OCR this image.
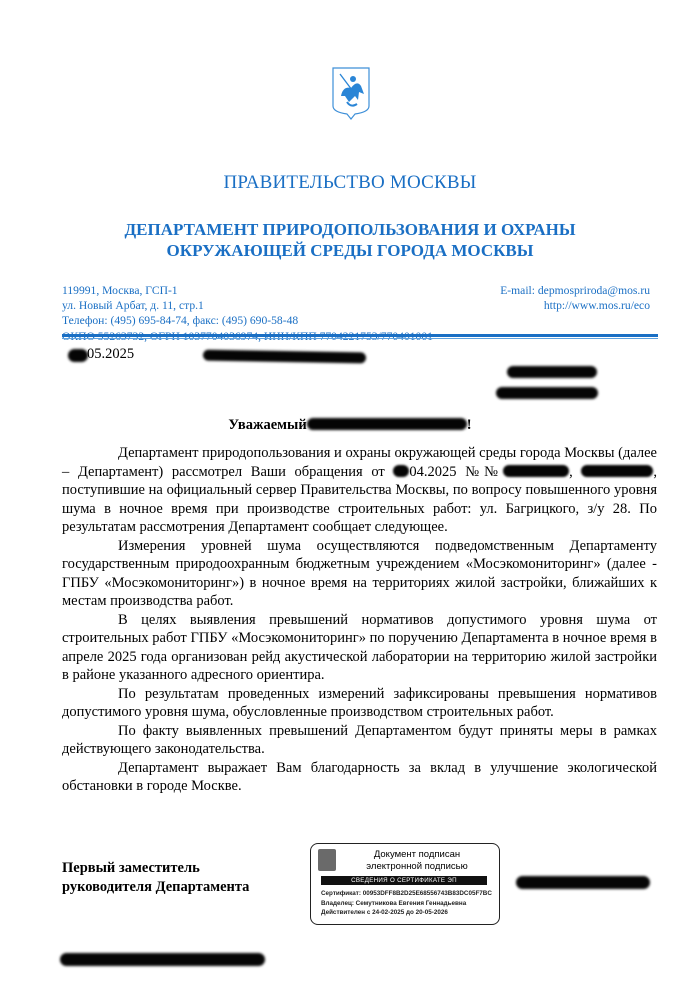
ПРАВИТЕЛЬСТВО МОСКВЫ
ДЕПАРТАМЕНТ ПРИРОДОПОЛЬЗОВАНИЯ И ОХРАНЫ
ОКРУЖАЮЩЕЙ СРЕДЫ ГОРОДА МОСКВЫ
119991, Москва, ГСП-1
ул. Новый Арбат, д. 11, стр.1
Телефон: (495) 695-84-74, факс: (495) 690-58-48
E-mail: depmospriroda@mos.ru
http://www.mos.ru/eco
05.2025
Уважаемый	!

Департамент природопользования и охраны окружающей среды города Москвы (далее – Департамент) рассмотрел Ваши обращения от 04.2025 №№	,	, поступившие на официальный сервер Правительства Москвы, по вопросу повышенного уровня шума в ночное время при производстве строительных работ: ул. Багрицкого, з/у 28. По результатам рассмотрения Департамент сообщает следующее.

Измерения уровней шума осуществляются подведомственным Департаменту государственным природоохранным бюджетным учреждением «Мосэкомониторинг» (далее - ГПБУ «Мосэкомониторинг») в ночное время на территориях жилой застройки, ближайших к местам производства работ.

В целях выявления превышений нормативов допустимого уровня шума от строительных работ ГПБУ «Мосэкомониторинг» по поручению Департамента в ночное время в апреле 2025 года организован рейд акустической лаборатории на территорию жилой застройки в районе указанного адресного ориентира.

По результатам проведенных измерений зафиксированы превышения нормативов допустимого уровня шума, обусловленные производством строительных работ.

По факту выявленных превышений Департаментом будут приняты меры в рамках действующего законодательства.

Департамент выражает Вам благодарность за вклад в улучшение экологической обстановки в городе Москве.

Первый заместитель
руководителя Департамента
Документ подписан
электронной подписью
СВЕДЕНИЯ О СЕРТИФИКАТЕ ЭП
Сертификат: 00953DFF8B2D25E68556743B83DC05F7BC
Владелец: Семутникова Евгения Геннадьевна
Действителен с 24-02-2025 до 20-05-2026
